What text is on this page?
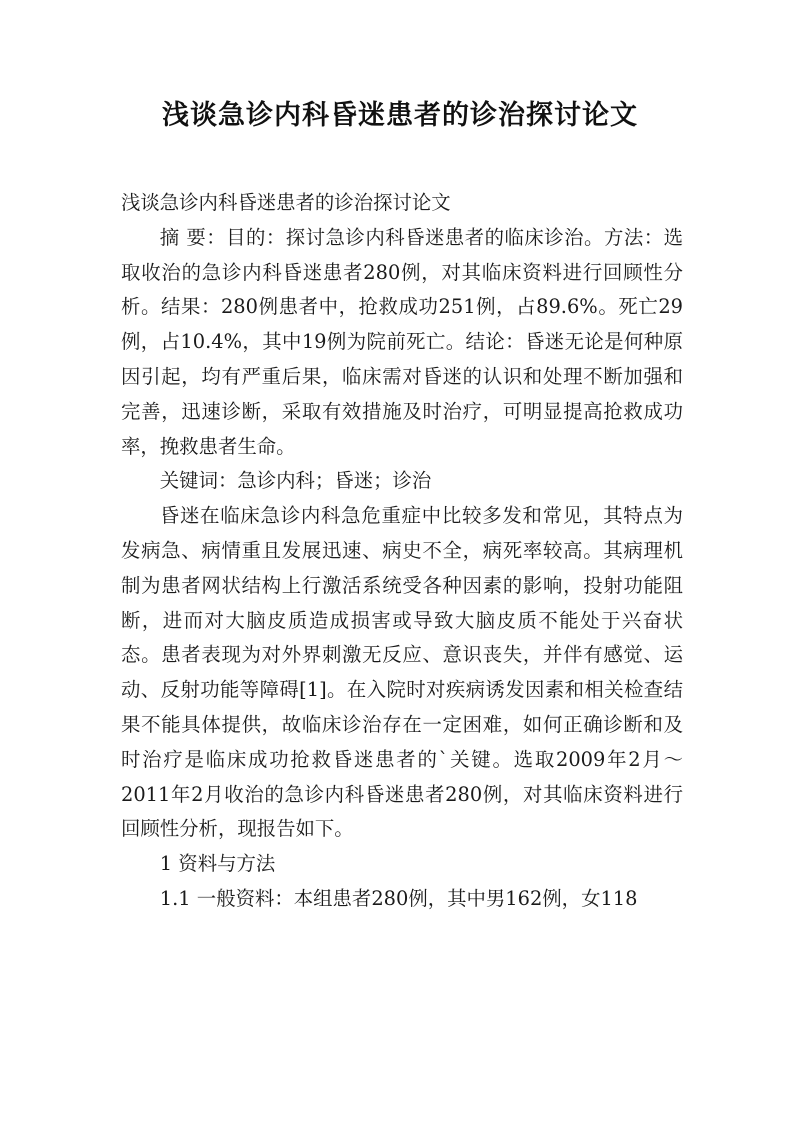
浅谈急诊内科昏迷患者的诊治探讨论文

浅谈急诊内科昏迷患者的诊治探讨论文

摘 要：目的：探讨急诊内科昏迷患者的临床诊治。方法：选取收治的急诊内科昏迷患者280例，对其临床资料进行回顾性分析。结果：280例患者中，抢救成功251例，占89.6%。死亡29例，占10.4%，其中19例为院前死亡。结论：昏迷无论是何种原因引起，均有严重后果，临床需对昏迷的认识和处理不断加强和完善，迅速诊断，采取有效措施及时治疗，可明显提高抢救成功率，挽救患者生命。

关键词：急诊内科；昏迷；诊治

昏迷在临床急诊内科急危重症中比较多发和常见，其特点为发病急、病情重且发展迅速、病史不全，病死率较高。其病理机制为患者网状结构上行激活系统受各种因素的影响，投射功能阻断，进而对大脑皮质造成损害或导致大脑皮质不能处于兴奋状态。患者表现为对外界刺激无反应、意识丧失，并伴有感觉、运动、反射功能等障碍[1]。在入院时对疾病诱发因素和相关检查结果不能具体提供，故临床诊治存在一定困难，如何正确诊断和及时治疗是临床成功抢救昏迷患者的`关键。选取2009年2月～2011年2月收治的急诊内科昏迷患者280例，对其临床资料进行回顾性分析，现报告如下。

1 资料与方法

1.1 一般资料：本组患者280例，其中男162例，女118
